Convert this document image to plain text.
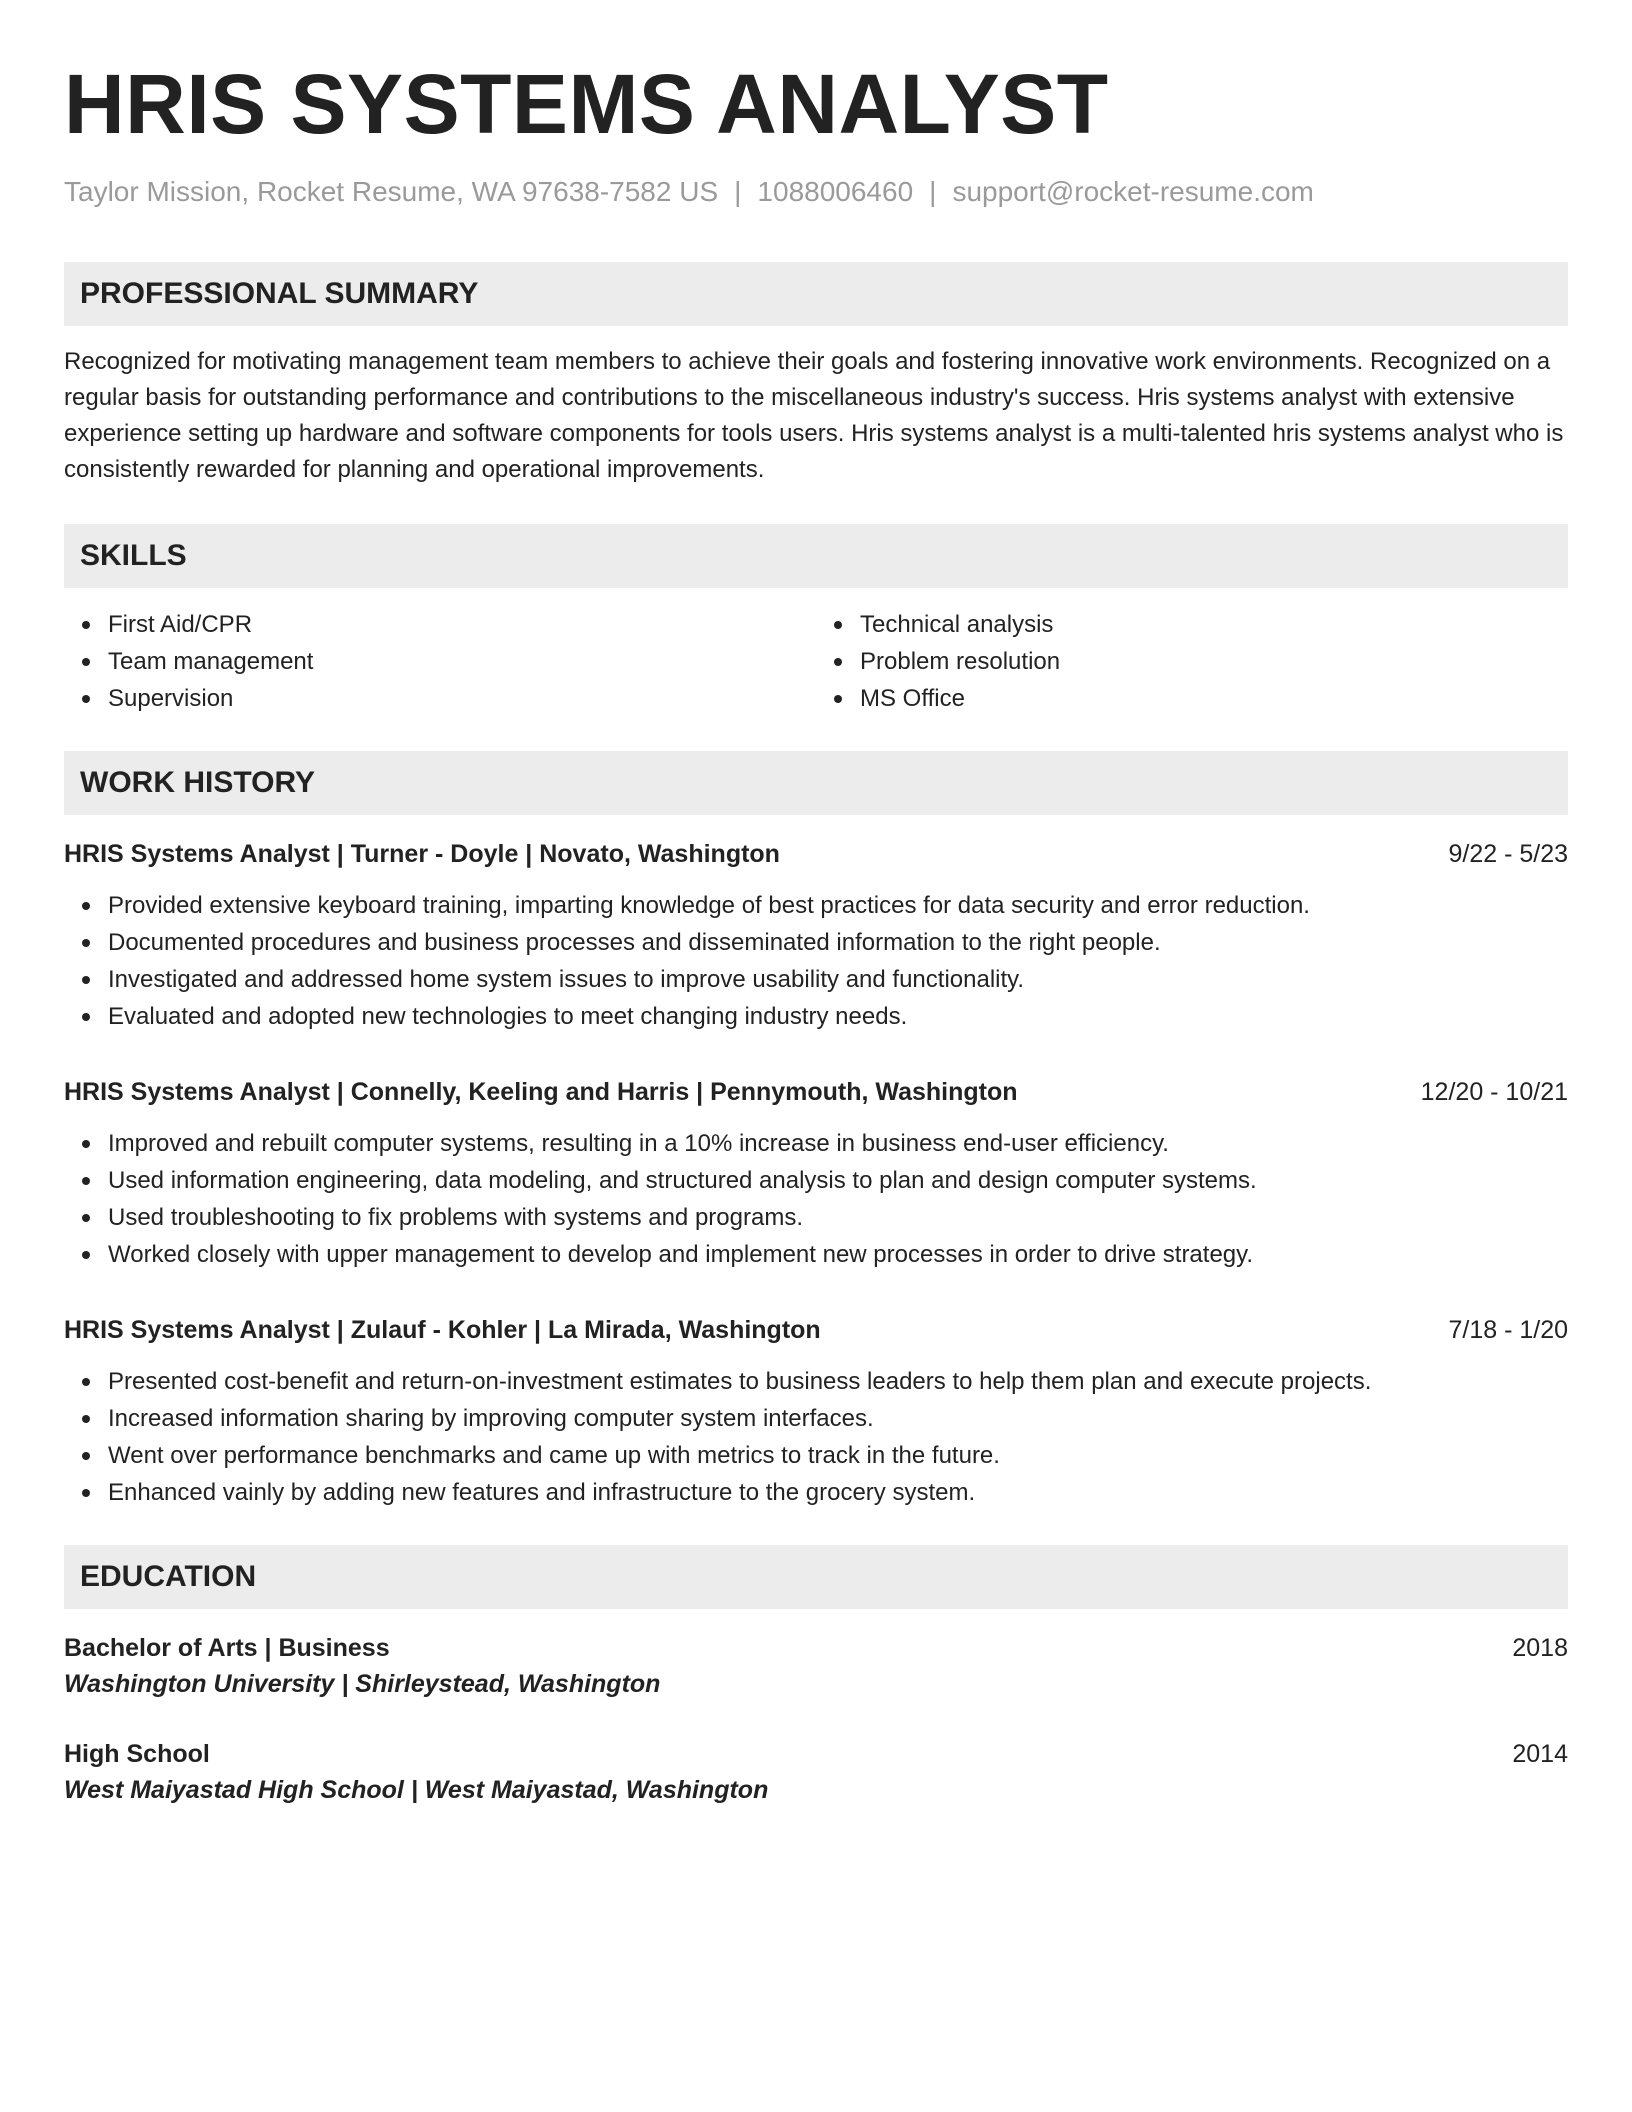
HRIS SYSTEMS ANALYST
Taylor Mission, Rocket Resume, WA 97638-7582 US | 1088006460 | support@rocket-resume.com
PROFESSIONAL SUMMARY
Recognized for motivating management team members to achieve their goals and fostering innovative work environments. Recognized on a regular basis for outstanding performance and contributions to the miscellaneous industry's success. Hris systems analyst with extensive experience setting up hardware and software components for tools users. Hris systems analyst is a multi-talented hris systems analyst who is consistently rewarded for planning and operational improvements.
SKILLS
First Aid/CPR
Team management
Supervision
Technical analysis
Problem resolution
MS Office
WORK HISTORY
HRIS Systems Analyst | Turner - Doyle | Novato, Washington	9/22 - 5/23
Provided extensive keyboard training, imparting knowledge of best practices for data security and error reduction.
Documented procedures and business processes and disseminated information to the right people.
Investigated and addressed home system issues to improve usability and functionality.
Evaluated and adopted new technologies to meet changing industry needs.
HRIS Systems Analyst | Connelly, Keeling and Harris | Pennymouth, Washington	12/20 - 10/21
Improved and rebuilt computer systems, resulting in a 10% increase in business end-user efficiency.
Used information engineering, data modeling, and structured analysis to plan and design computer systems.
Used troubleshooting to fix problems with systems and programs.
Worked closely with upper management to develop and implement new processes in order to drive strategy.
HRIS Systems Analyst | Zulauf - Kohler | La Mirada, Washington	7/18 - 1/20
Presented cost-benefit and return-on-investment estimates to business leaders to help them plan and execute projects.
Increased information sharing by improving computer system interfaces.
Went over performance benchmarks and came up with metrics to track in the future.
Enhanced vainly by adding new features and infrastructure to the grocery system.
EDUCATION
Bachelor of Arts | Business	2018
Washington University | Shirleystead, Washington
High School	2014
West Maiyastad High School | West Maiyastad, Washington
